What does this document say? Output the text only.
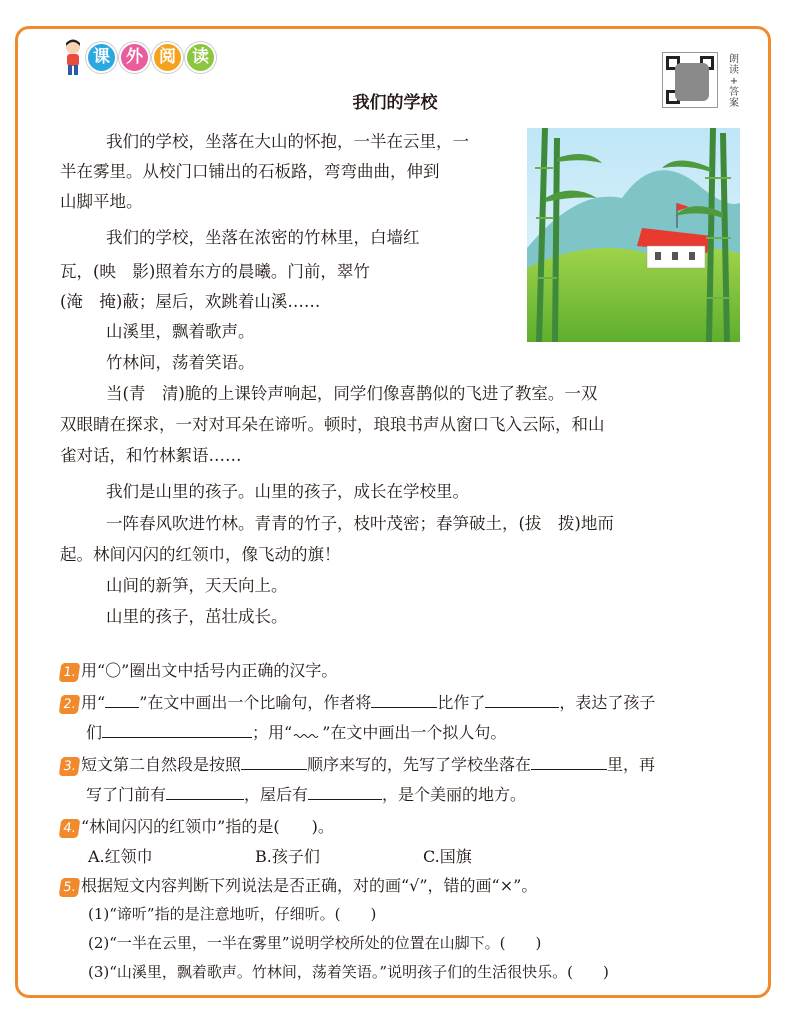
课 外 阅 读	朗
读
+
答
案
我们的学校
我们的学校，坐落在大山的怀抱，一半在云里，一
半在雾里。从校门口铺出的石板路，弯弯曲曲，伸到
山脚平地。
我们的学校，坐落在浓密的竹林里，白墙红
瓦，(映　影)照着东方的晨曦。门前，翠竹
(淹　掩)蔽；屋后，欢跳着山溪……
山溪里，飘着歌声。
竹林间，荡着笑语。
当(青　清)脆的上课铃声响起，同学们像喜鹊似的飞进了教室。一双
双眼睛在探求，一对对耳朵在谛听。顿时，琅琅书声从窗口飞入云际，和山
雀对话，和竹林絮语……
我们是山里的孩子。山里的孩子，成长在学校里。
一阵春风吹进竹林。青青的竹子，枝叶茂密；春笋破土，(拔　拨)地而
起。林间闪闪的红领巾，像飞动的旗！
山间的新笋，天天向上。
山里的孩子，茁壮成长。
1. 用“〇”圈出文中括号内正确的汉字。
2. 用“ ”在文中画出一个比喻句，作者将	比作了	，表达了孩子
们	；用“ ”在文中画出一个拟人句。
3. 短文第二自然段是按照	顺序来写的，先写了学校坐落在	里，再
写了门前有	，屋后有	，是个美丽的地方。
4. “林间闪闪的红领巾”指的是(　　)。
A.红领巾	B.孩子们	C.国旗
5. 根据短文内容判断下列说法是否正确，对的画“√”，错的画“×”。
(1)“谛听”指的是注意地听，仔细听。(　　)
(2)“一半在云里，一半在雾里”说明学校所处的位置在山脚下。(　　)
(3)“山溪里，飘着歌声。竹林间，荡着笑语。”说明孩子们的生活很快乐。(　　)
